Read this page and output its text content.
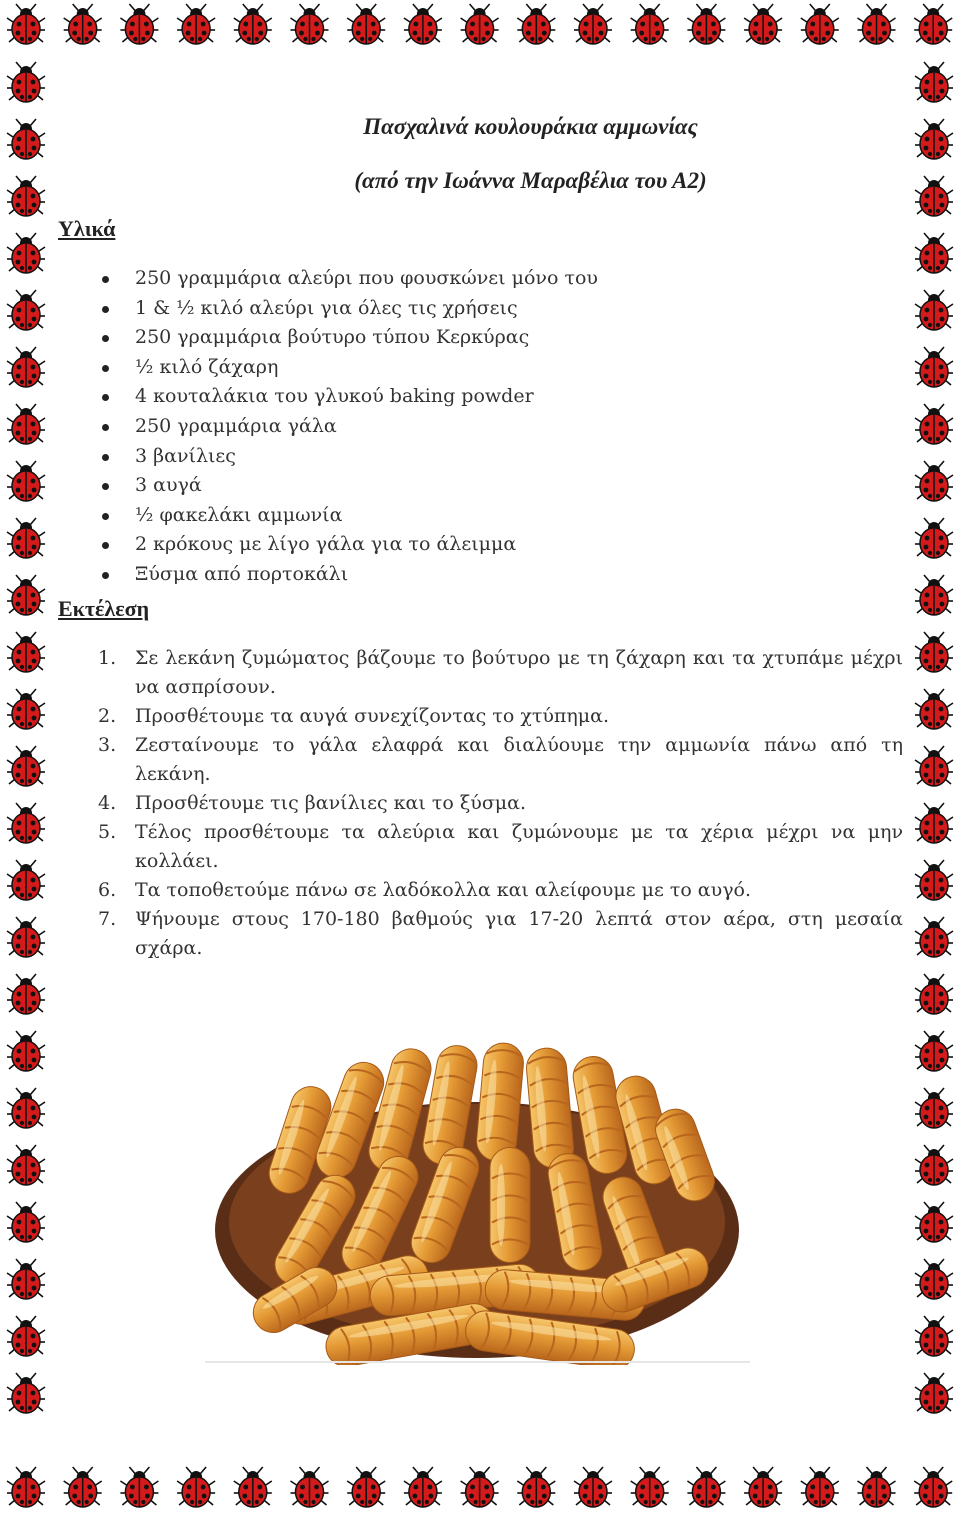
Πασχαλινά κουλουράκια αμμωνίας
(από την Ιωάννα Μαραβέλια του Α2)
Υλικά
250 γραμμάρια αλεύρι που φουσκώνει μόνο του
1 & ½ κιλό αλεύρι για όλες τις χρήσεις
250 γραμμάρια βούτυρο τύπου Κερκύρας
½ κιλό ζάχαρη
4 κουταλάκια του γλυκού baking powder
250 γραμμάρια γάλα
3 βανίλιες
3 αυγά
½ φακελάκι αμμωνία
2 κρόκους με λίγο γάλα για το άλειμμα
Ξύσμα από πορτοκάλι
Εκτέλεση
1. Σε λεκάνη ζυμώματος βάζουμε το βούτυρο με τη ζάχαρη και τα χτυπάμε μέχρι να ασπρίσουν.
2. Προσθέτουμε τα αυγά συνεχίζοντας το χτύπημα.
3. Ζεσταίνουμε το γάλα ελαφρά και διαλύουμε την αμμωνία πάνω από τη λεκάνη.
4. Προσθέτουμε τις βανίλιες και το ξύσμα.
5. Τέλος προσθέτουμε τα αλεύρια και ζυμώνουμε με τα χέρια μέχρι να μην κολλάει.
6. Τα τοποθετούμε πάνω σε λαδόκολλα και αλείφουμε με το αυγό.
7. Ψήνουμε στους 170-180 βαθμούς για 17-20 λεπτά στον αέρα, στη μεσαία σχάρα.
